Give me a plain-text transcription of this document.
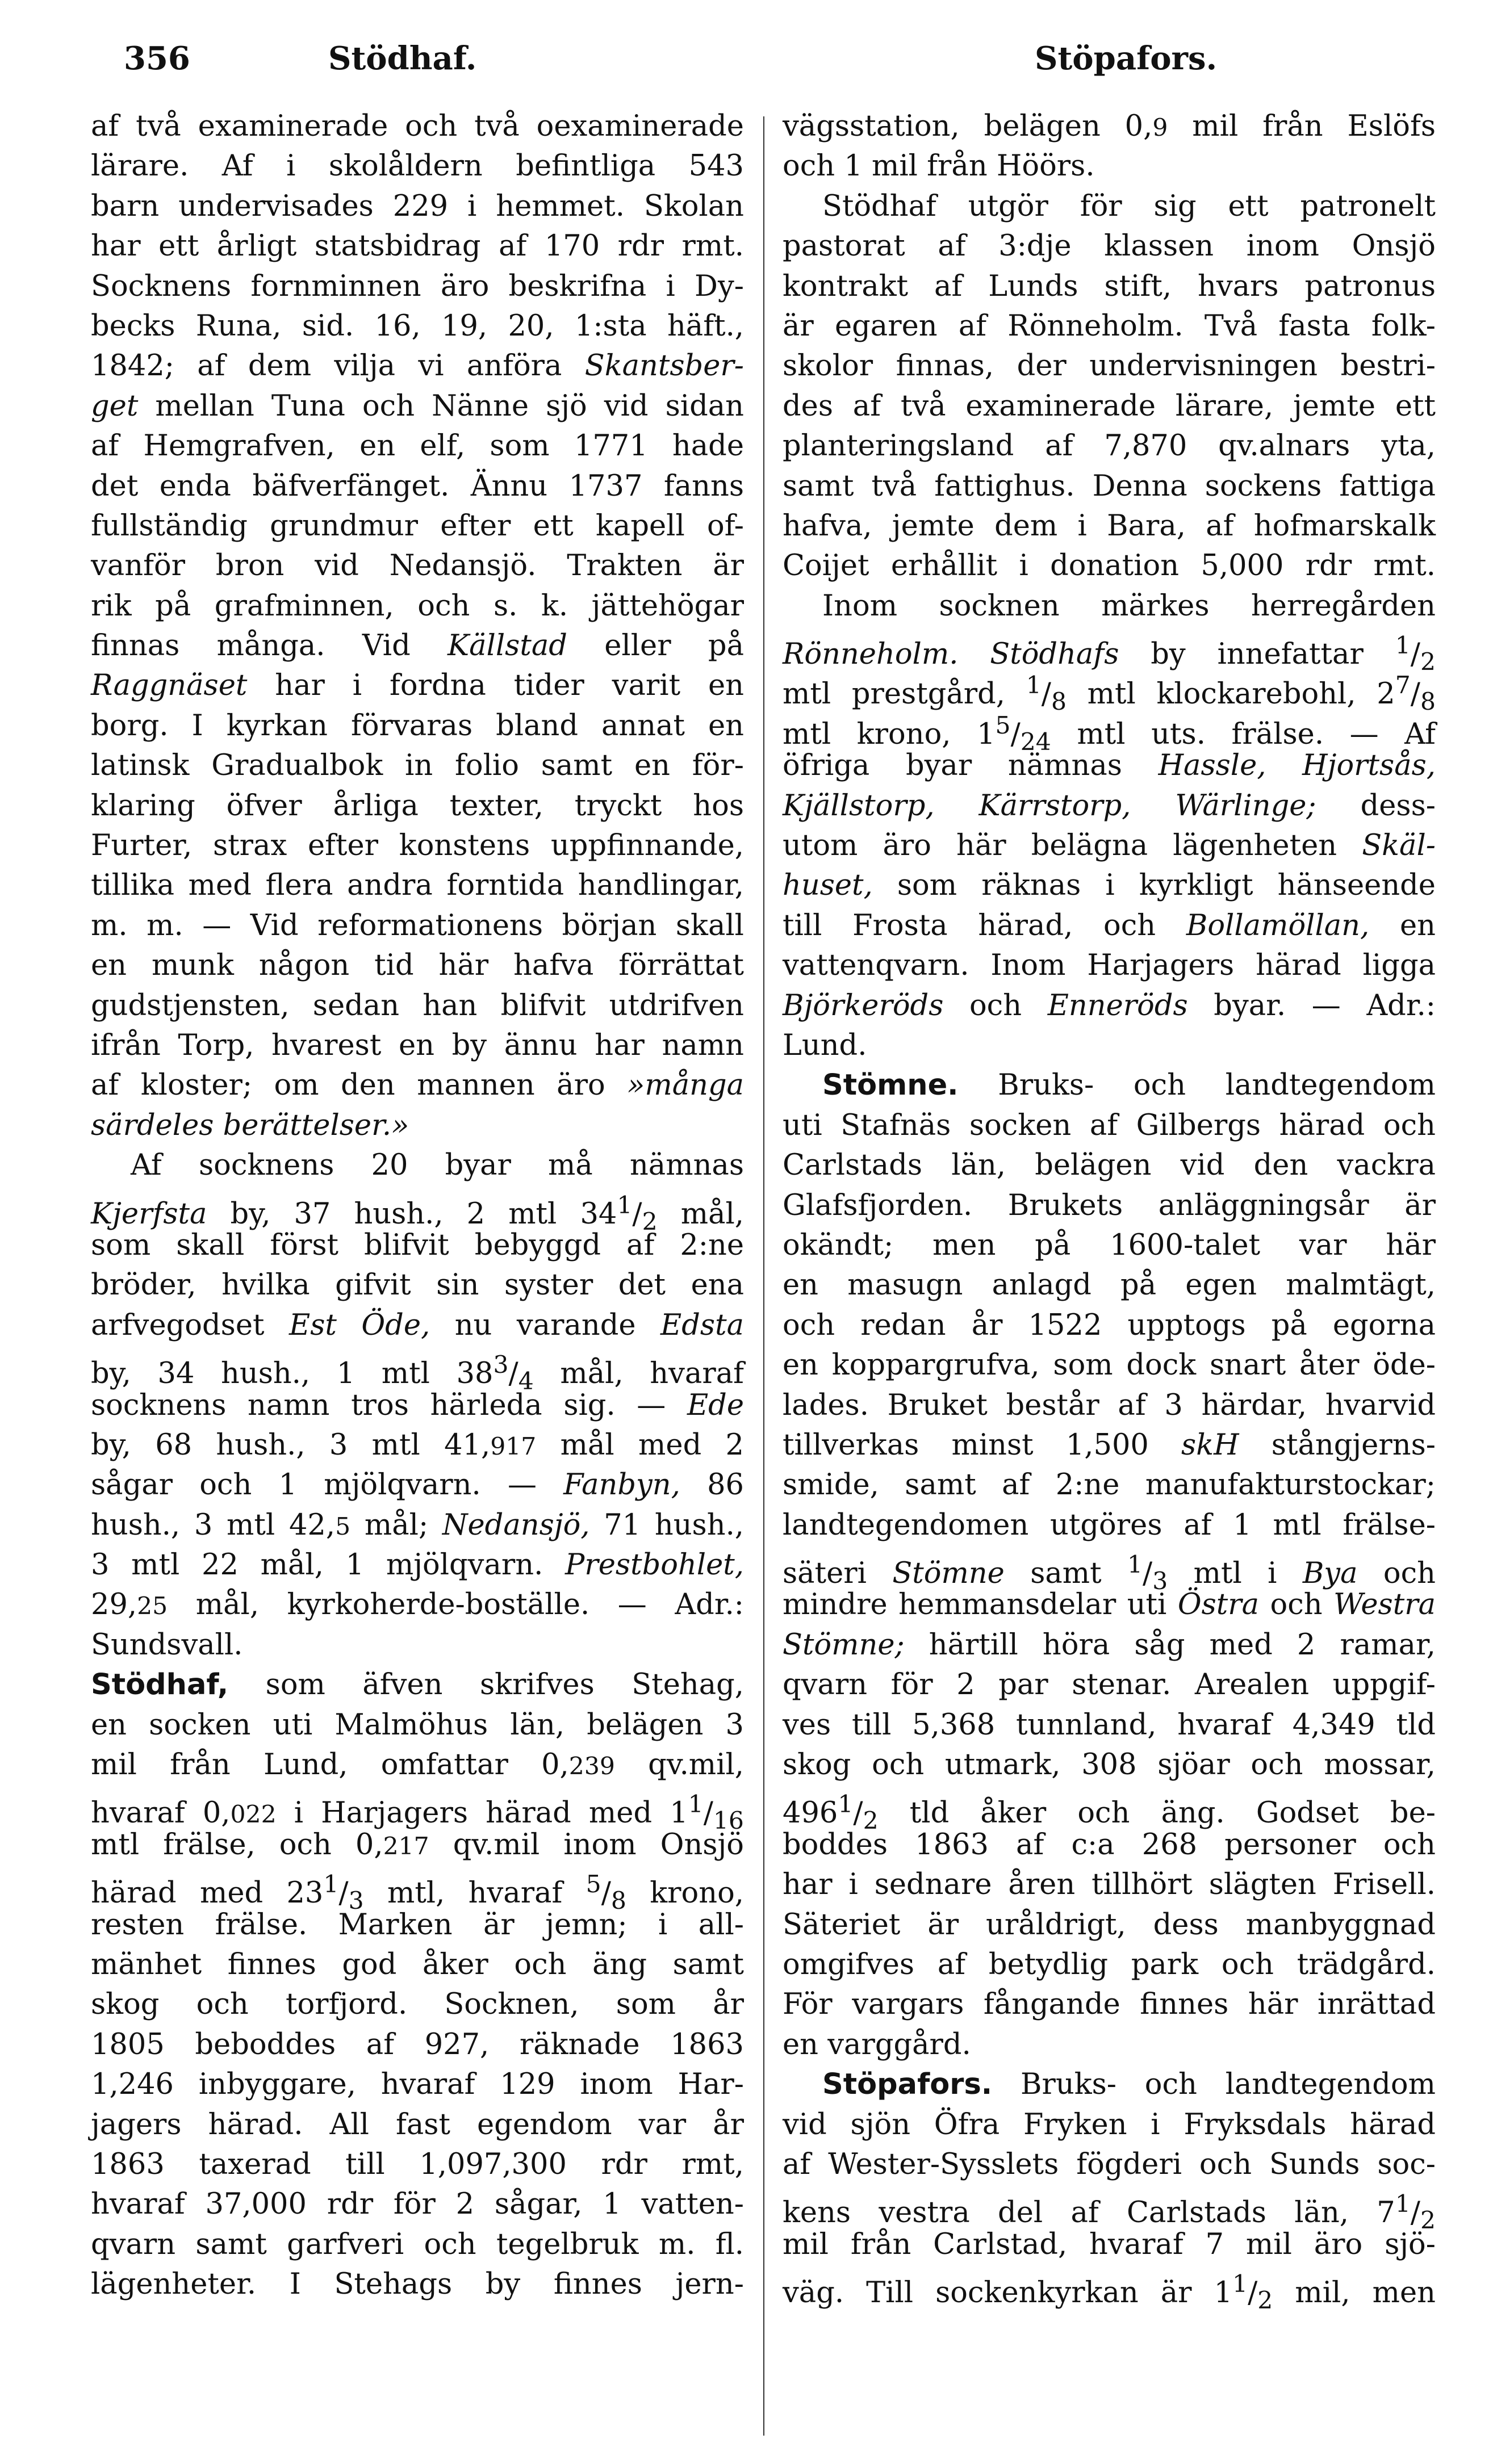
356	Stödhaf.	Stöpafors.
af två examinerade och två oexaminerade
lärare. Af i skolåldern befintliga 543
barn undervisades 229 i hemmet. Skolan
har ett årligt statsbidrag af 170 rdr rmt.
Socknens fornminnen äro beskrifna i Dy-
becks Runa, sid. 16, 19, 20, 1:sta häft.,
1842; af dem vilja vi anföra Skantsber-
get mellan Tuna och Nänne sjö vid sidan
af Hemgrafven, en elf, som 1771 hade
det enda bäfverfänget. Ännu 1737 fanns
fullständig grundmur efter ett kapell of-
vanför bron vid Nedansjö. Trakten är
rik på grafminnen, och s. k. jättehögar
finnas många. Vid Källstad eller på
Raggnäset har i fordna tider varit en
borg. I kyrkan förvaras bland annat en
latinsk Gradualbok in folio samt en för-
klaring öfver årliga texter, tryckt hos
Furter, strax efter konstens uppfinnande,
tillika med flera andra forntida handlingar,
m. m. — Vid reformationens början skall
en munk någon tid här hafva förrättat
gudstjensten, sedan han blifvit utdrifven
ifrån Torp, hvarest en by ännu har namn
af kloster; om den mannen äro »många
särdeles berättelser.»
Af socknens 20 byar må nämnas
Kjerfsta by, 37 hush., 2 mtl $34^1/_2$ mål,
som skall först blifvit bebyggd af 2:ne
bröder, hvilka gifvit sin syster det ena
arfvegodset Est Öde, nu varande Edsta
by, 34 hush., 1 mtl $38^3/_4$ mål, hvaraf
socknens namn tros härleda sig. — Ede
by, 68 hush., 3 mtl 41,917 mål med 2
sågar och 1 mjölqvarn. — Fanbyn, 86
hush., 3 mtl 42,5 mål; Nedansjö, 71 hush.,
3 mtl 22 mål, 1 mjölqvarn. Prestbohlet,
29,25 mål, kyrkoherde-boställe. — Adr.:
Sundsvall.
Stödhaf, som äfven skrifves Stehag,
en socken uti Malmöhus län, belägen 3
mil från Lund, omfattar 0,239 qv.mil,
hvaraf 0,022 i Harjagers härad med $1^1/_{16}$
mtl frälse, och 0,217 qv.mil inom Onsjö
härad med $23^1/_3$ mtl, hvaraf $^5/_8$ krono,
resten frälse. Marken är jemn; i all-
mänhet finnes god åker och äng samt
skog och torfjord. Socknen, som år
1805 beboddes af 927, räknade 1863
1,246 inbyggare, hvaraf 129 inom Har-
jagers härad. All fast egendom var år
1863 taxerad till 1,097,300 rdr rmt,
hvaraf 37,000 rdr för 2 sågar, 1 vatten-
qvarn samt garfveri och tegelbruk m. fl.
lägenheter. I Stehags by finnes jern-
vägsstation, belägen 0,9 mil från Eslöfs
och 1 mil från Höörs.
Stödhaf utgör för sig ett patronelt
pastorat af 3:dje klassen inom Onsjö
kontrakt af Lunds stift, hvars patronus
är egaren af Rönneholm. Två fasta folk-
skolor finnas, der undervisningen bestri-
des af två examinerade lärare, jemte ett
planteringsland af 7,870 qv.alnars yta,
samt två fattighus. Denna sockens fattiga
hafva, jemte dem i Bara, af hofmarskalk
Coijet erhållit i donation 5,000 rdr rmt.
Inom socknen märkes herregården
Rönneholm. Stödhafs by innefattar $^1/_2$
mtl prestgård, $^1/_8$ mtl klockarebohl, $2^7/_8$
mtl krono, $1^5/_{24}$ mtl uts. frälse. — Af
öfriga byar nämnas Hassle, Hjortsås,
Kjällstorp, Kärrstorp, Wärlinge; dess-
utom äro här belägna lägenheten Skäl-
huset, som räknas i kyrkligt hänseende
till Frosta härad, och Bollamöllan, en
vattenqvarn. Inom Harjagers härad ligga
Björkeröds och Enneröds byar. — Adr.:
Lund.
Stömne. Bruks- och landtegendom
uti Stafnäs socken af Gilbergs härad och
Carlstads län, belägen vid den vackra
Glafsfjorden. Brukets anläggningsår är
okändt; men på 1600-talet var här
en masugn anlagd på egen malmtägt,
och redan år 1522 upptogs på egorna
en koppargrufva, som dock snart åter öde-
lades. Bruket består af 3 härdar, hvarvid
tillverkas minst 1,500 skH stångjerns-
smide, samt af 2:ne manufakturstockar;
landtegendomen utgöres af 1 mtl frälse-
säteri Stömne samt $^1/_3$ mtl i Bya och
mindre hemmansdelar uti Östra och Westra
Stömne; härtill höra såg med 2 ramar,
qvarn för 2 par stenar. Arealen uppgif-
ves till 5,368 tunnland, hvaraf 4,349 tld
skog och utmark, 308 sjöar och mossar,
$496^1/_2$ tld åker och äng. Godset be-
boddes 1863 af c:a 268 personer och
har i sednare åren tillhört slägten Frisell.
Säteriet är uråldrigt, dess manbyggnad
omgifves af betydlig park och trädgård.
För vargars fångande finnes här inrättad
en varggård.
Stöpafors. Bruks- och landtegendom
vid sjön Öfra Fryken i Fryksdals härad
af Wester-Sysslets fögderi och Sunds soc-
kens vestra del af Carlstads län, $7^1/_2$
mil från Carlstad, hvaraf 7 mil äro sjö-
väg. Till sockenkyrkan är $1^1/_2$ mil, men
